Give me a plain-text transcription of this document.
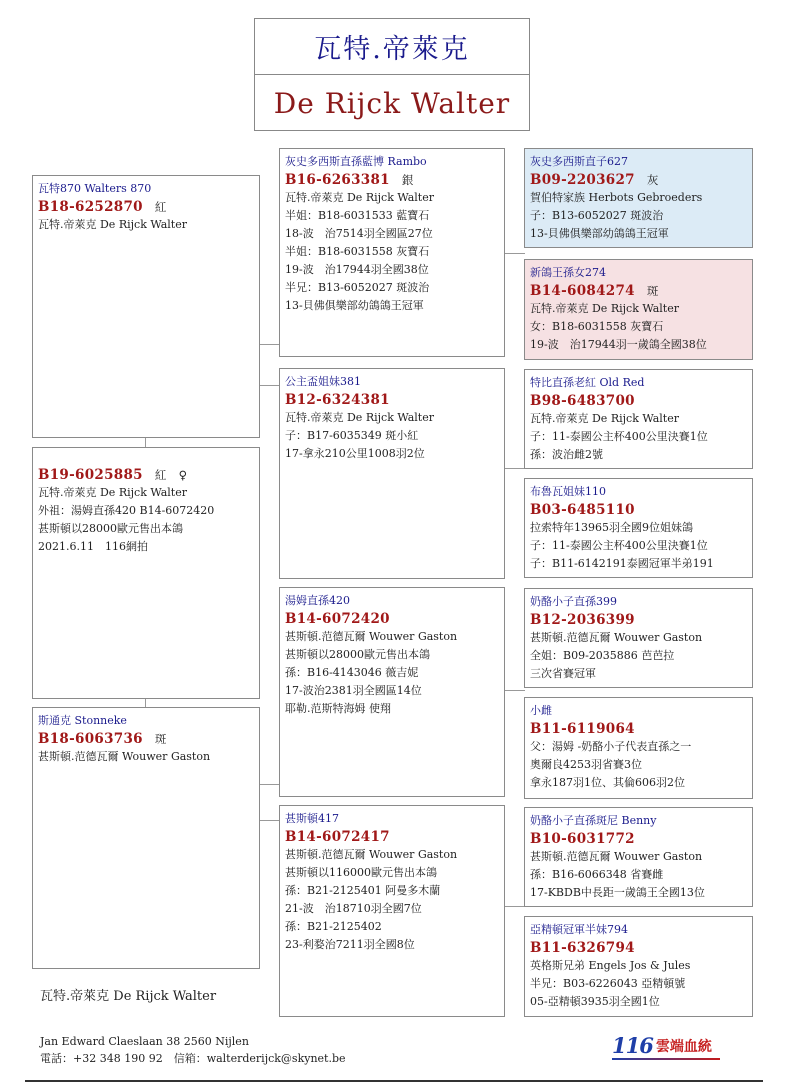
瓦特.帝萊克
De Rijck Walter
瓦特870 Walters 870
B18-6252870 紅
瓦特.帝萊克 De Rijck Walter
B19-6025885 紅 ♀
瓦特.帝萊克 De Rijck Walter
外祖：湯姆直孫420 B14-6072420
甚斯頓以28000歐元售出本鴿
2021.6.11　116網拍
斯通克 Stonneke
B18-6063736 斑
甚斯頓.范德瓦爾 Wouwer Gaston
灰史多西斯直孫藍博 Rambo
B16-6263381 銀
瓦特.帝萊克 De Rijck Walter
半姐：B18-6031533 藍寶石
18-波　治7514羽全國區27位
半姐：B18-6031558 灰寶石
19-波　治17944羽全國38位
半兄：B13-6052027 斑波治
13-貝佛俱樂部幼鴿鴿王冠軍
公主盃姐妹381
B12-6324381
瓦特.帝萊克 De Rijck Walter
子：B17-6035349 斑小紅
17-拿永210公里1008羽2位
湯姆直孫420
B14-6072420
甚斯頓.范德瓦爾 Wouwer Gaston
甚斯頓以28000歐元售出本鴿
孫：B16-4143046 薇吉妮
17-波治2381羽全國區14位
耶勒.范斯特海姆 使翔
甚斯頓417
B14-6072417
甚斯頓.范德瓦爾 Wouwer Gaston
甚斯頓以116000歐元售出本鴿
孫：B21-2125401 阿曼多木蘭
21-波　治18710羽全國7位
孫：B21-2125402
23-利婺治7211羽全國8位
灰史多西斯直子627
B09-2203627 灰
賀伯特家族 Herbots Gebroeders
子：B13-6052027 斑波治
13-貝佛俱樂部幼鴿鴿王冠軍
新鴿王孫女274
B14-6084274 斑
瓦特.帝萊克 De Rijck Walter
女：B18-6031558 灰寶石
19-波　治17944羽一歲鴿全國38位
特比直孫老紅 Old Red
B98-6483700
瓦特.帝萊克 De Rijck Walter
子：11-泰國公主杯400公里決賽1位
孫：波治雌2號
布魯瓦姐妹110
B03-6485110
拉索特年13965羽全國9位姐妹鴿
子：11-泰國公主杯400公里決賽1位
子：B11-6142191泰國冠軍半弟191
奶酪小子直孫399
B12-2036399
甚斯頓.范德瓦爾 Wouwer Gaston
全姐：B09-2035886 芭芭拉
三次省賽冠軍
小雌
B11-6119064
父：湯姆 -奶酪小子代表直孫之一
奧爾良4253羽省賽3位
拿永187羽1位、其倫606羽2位
奶酪小子直孫斑尼 Benny
B10-6031772
甚斯頓.范德瓦爾 Wouwer Gaston
孫：B16-6066348 省賽雌
17-KBDB中長距一歲鴿王全國13位
亞精頓冠軍半妹794
B11-6326794
英格斯兄弟 Engels Jos & Jules
半兄：B03-6226043 亞精頓號
05-亞精頓3935羽全國1位
瓦特.帝萊克 De Rijck Walter
Jan Edward Claeslaan 38 2560 Nijlen
電話：+32 348 190 92　信箱：walterderijck@skynet.be
116 雲端血統
